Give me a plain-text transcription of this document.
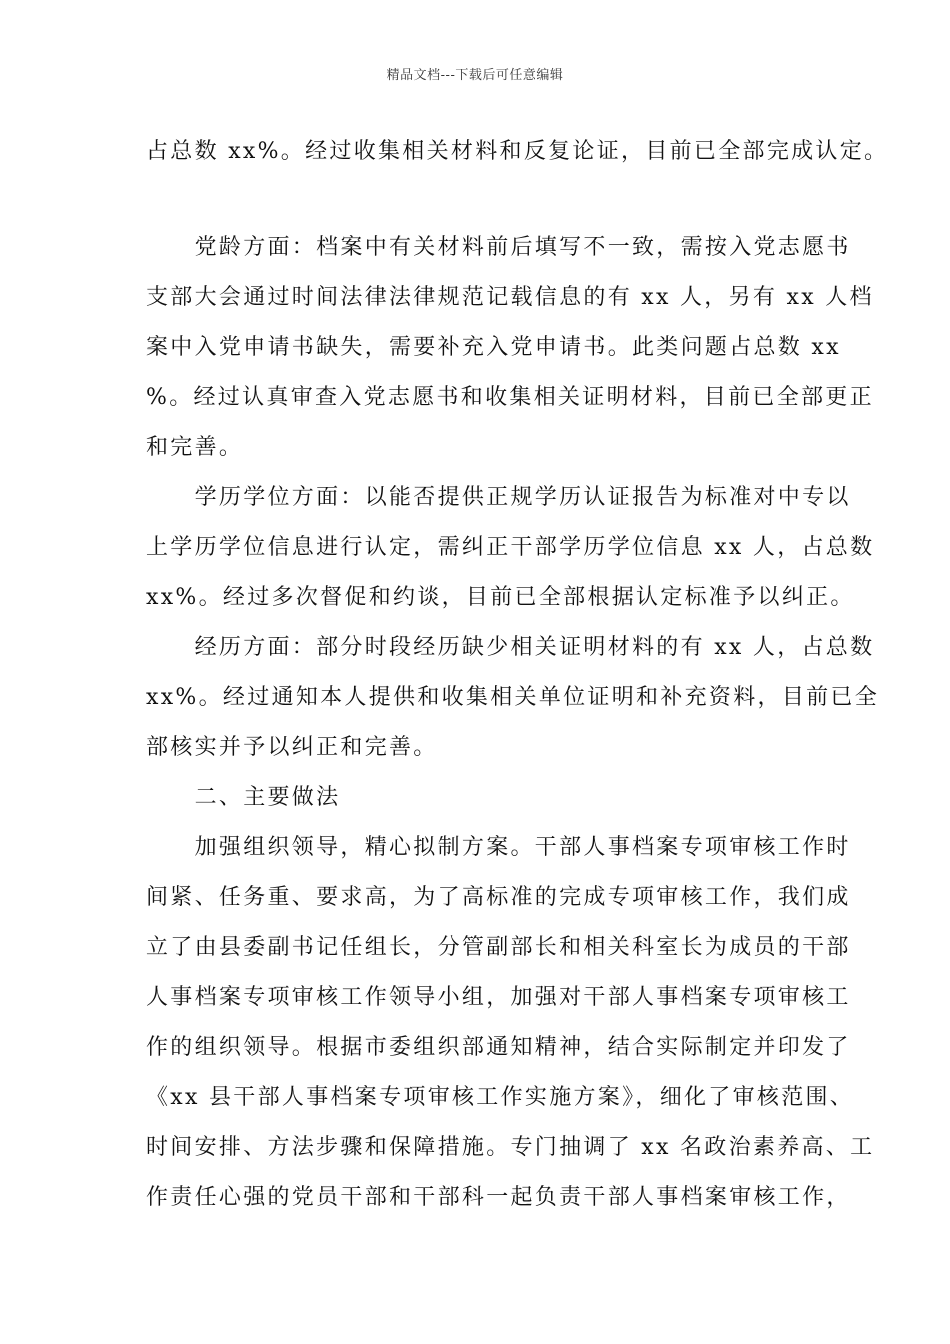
精品文档---下载后可任意编辑
占总数 xx%。经过收集相关材料和反复论证，目前已全部完成认定。
　　党龄方面：档案中有关材料前后填写不一致，需按入党志愿书
支部大会通过时间法律法律规范记载信息的有 xx 人，另有 xx 人档
案中入党申请书缺失，需要补充入党申请书。此类问题占总数 xx
%。经过认真审查入党志愿书和收集相关证明材料，目前已全部更正
和完善。
　　学历学位方面：以能否提供正规学历认证报告为标准对中专以
上学历学位信息进行认定，需纠正干部学历学位信息 xx 人，占总数
xx%。经过多次督促和约谈，目前已全部根据认定标准予以纠正。
　　经历方面：部分时段经历缺少相关证明材料的有 xx 人，占总数
xx%。经过通知本人提供和收集相关单位证明和补充资料，目前已全
部核实并予以纠正和完善。
　　二、主要做法
　　加强组织领导，精心拟制方案。干部人事档案专项审核工作时
间紧、任务重、要求高，为了高标准的完成专项审核工作，我们成
立了由县委副书记任组长，分管副部长和相关科室长为成员的干部
人事档案专项审核工作领导小组，加强对干部人事档案专项审核工
作的组织领导。根据市委组织部通知精神，结合实际制定并印发了
《xx 县干部人事档案专项审核工作实施方案》，细化了审核范围、
时间安排、方法步骤和保障措施。专门抽调了 xx 名政治素养高、工
作责任心强的党员干部和干部科一起负责干部人事档案审核工作，
